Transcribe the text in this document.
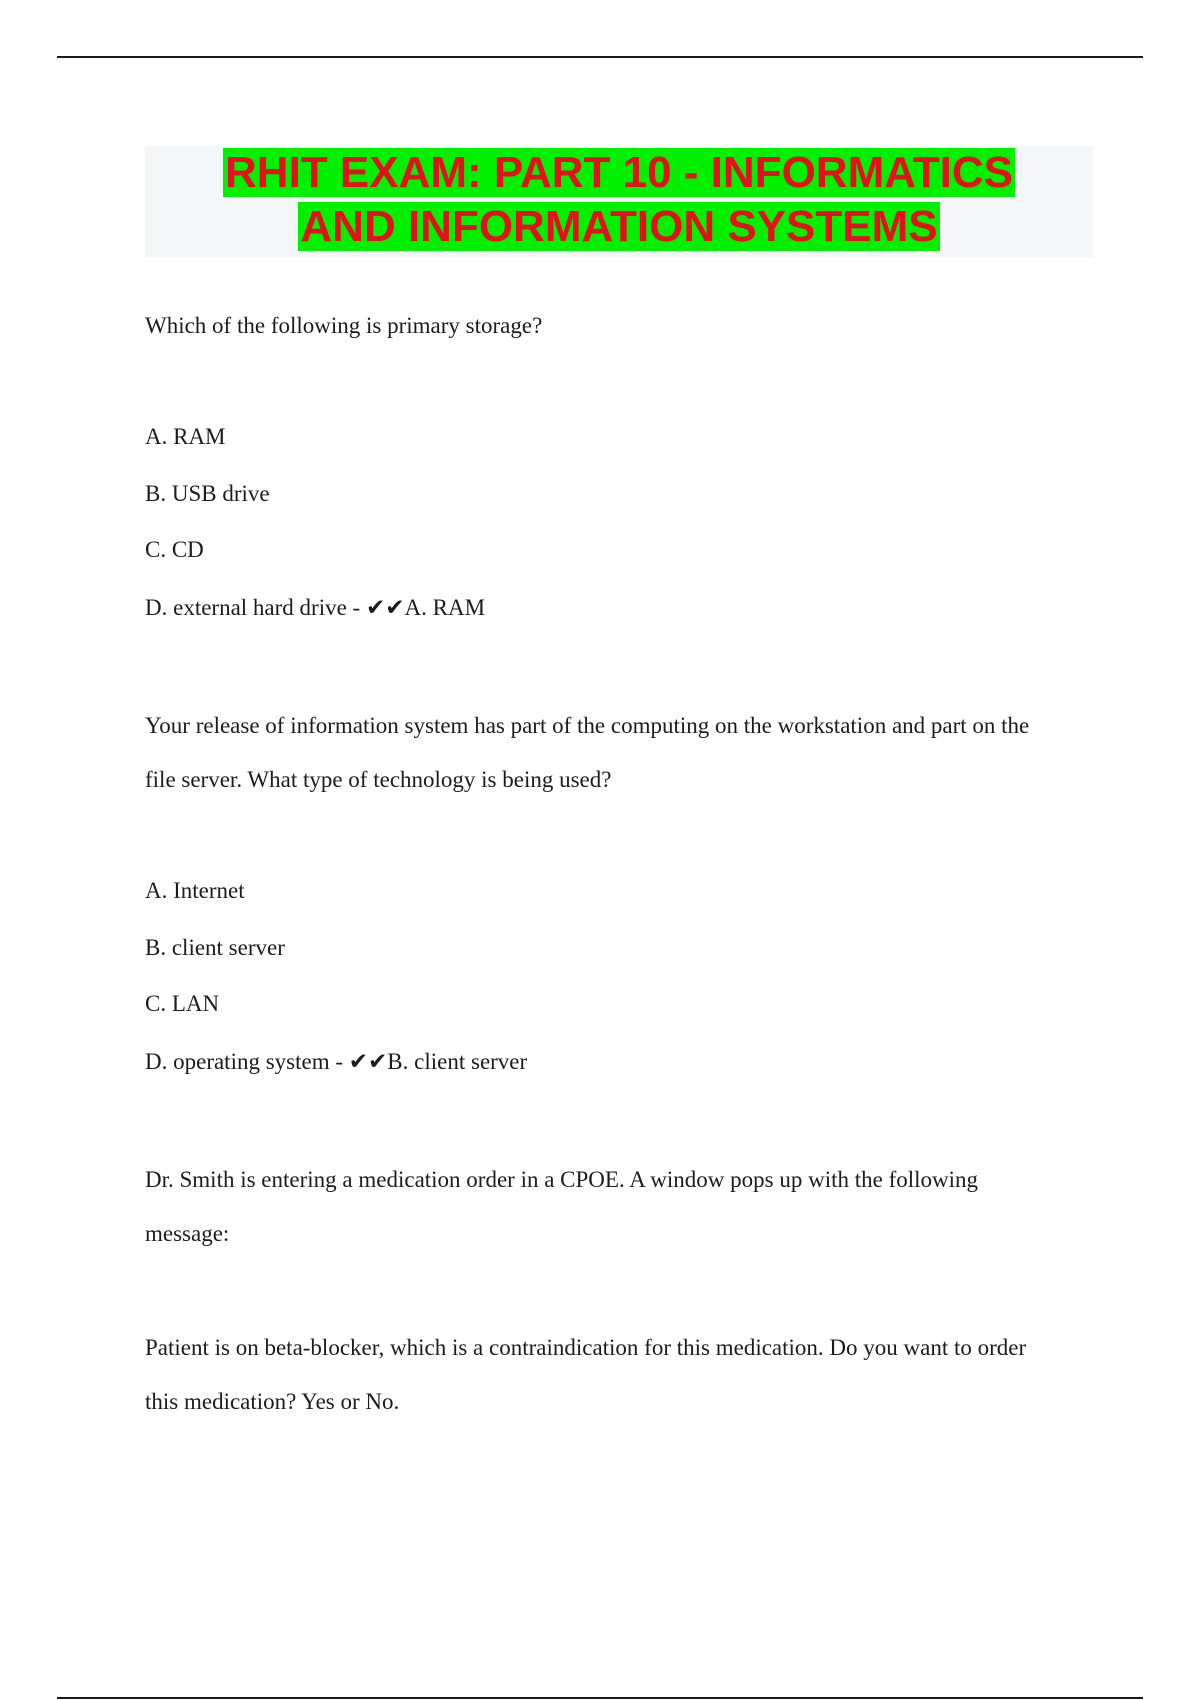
RHIT EXAM: PART 10 - INFORMATICS
AND INFORMATION SYSTEMS
Which of the following is primary storage?
A. RAM
B. USB drive
C. CD
D. external hard drive - ✔✔A. RAM
Your release of information system has part of the computing on the workstation and part on the
file server. What type of technology is being used?
A. Internet
B. client server
C. LAN
D. operating system - ✔✔B. client server
Dr. Smith is entering a medication order in a CPOE. A window pops up with the following
message:
Patient is on beta-blocker, which is a contraindication for this medication. Do you want to order
this medication? Yes or No.
